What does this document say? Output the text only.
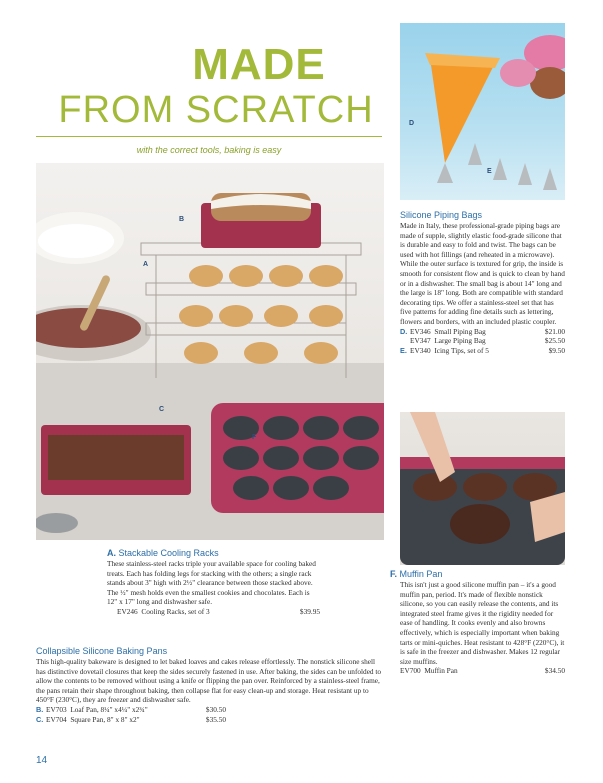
MADE
FROM SCRATCH
with the correct tools, baking is easy
B
A
C
F
D
E
A. Stackable Cooling Racks
These stainless-steel racks triple your available space for cooling baked treats. Each has folding legs for stacking with the others; a single rack stands about 3" high with 2½" clearance between those stacked above. The ½" mesh holds even the smallest cookies and chocolates. Each is 12" x 17" long and dishwasher safe.
EV246  Cooling Racks, set of 3	$39.95
Collapsible Silicone Baking Pans
This high-quality bakeware is designed to let baked loaves and cakes release effortlessly. The nonstick silicone shell has distinctive dovetail closures that keep the sides securely fastened in use. After baking, the sides can be unfolded to allow the contents to be removed without using a knife or flipping the pan over. Reinforced by a stainless-steel frame, the pans retain their shape throughout baking, then collapse flat for easy clean-up and storage. Heat resistant up to 450°F (230°C), they are freezer and dishwasher safe.
B. EV703  Loaf Pan, 8¼" x4¼" x2¾"	$30.50
C. EV704  Square Pan, 8" x 8" x2"	$35.50
Silicone Piping Bags
Made in Italy, these professional-grade piping bags are made of supple, slightly elastic food-grade silicone that is durable and easy to fold and twist. The bags can be used with hot fillings (and reheated in a microwave). While the outer surface is textured for grip, the inside is smooth for consistent flow and is quick to clean by hand or in a dishwasher. The small bag is about 14" long and the large is 18" long. Both are compatible with standard decorating tips. We offer a stainless-steel set that has five patterns for adding fine details such as lettering, flowers and borders, with an included plastic coupler.
D. EV346  Small Piping Bag	$21.00
EV347  Large Piping Bag	$25.50
E. EV340  Icing Tips, set of 5	$9.50
F. Muffin Pan
This isn't just a good silicone muffin pan – it's a good muffin pan, period. It's made of flexible nonstick silicone, so you can easily release the contents, and its integrated steel frame gives it the rigidity needed for ease of handling. It cooks evenly and also browns effectively, which is especially important when baking tarts or mini-quiches. Heat resistant to 428°F (220°C), it is safe in the freezer and dishwasher. Makes 12 regular size muffins.
EV700  Muffin Pan	$34.50
14
